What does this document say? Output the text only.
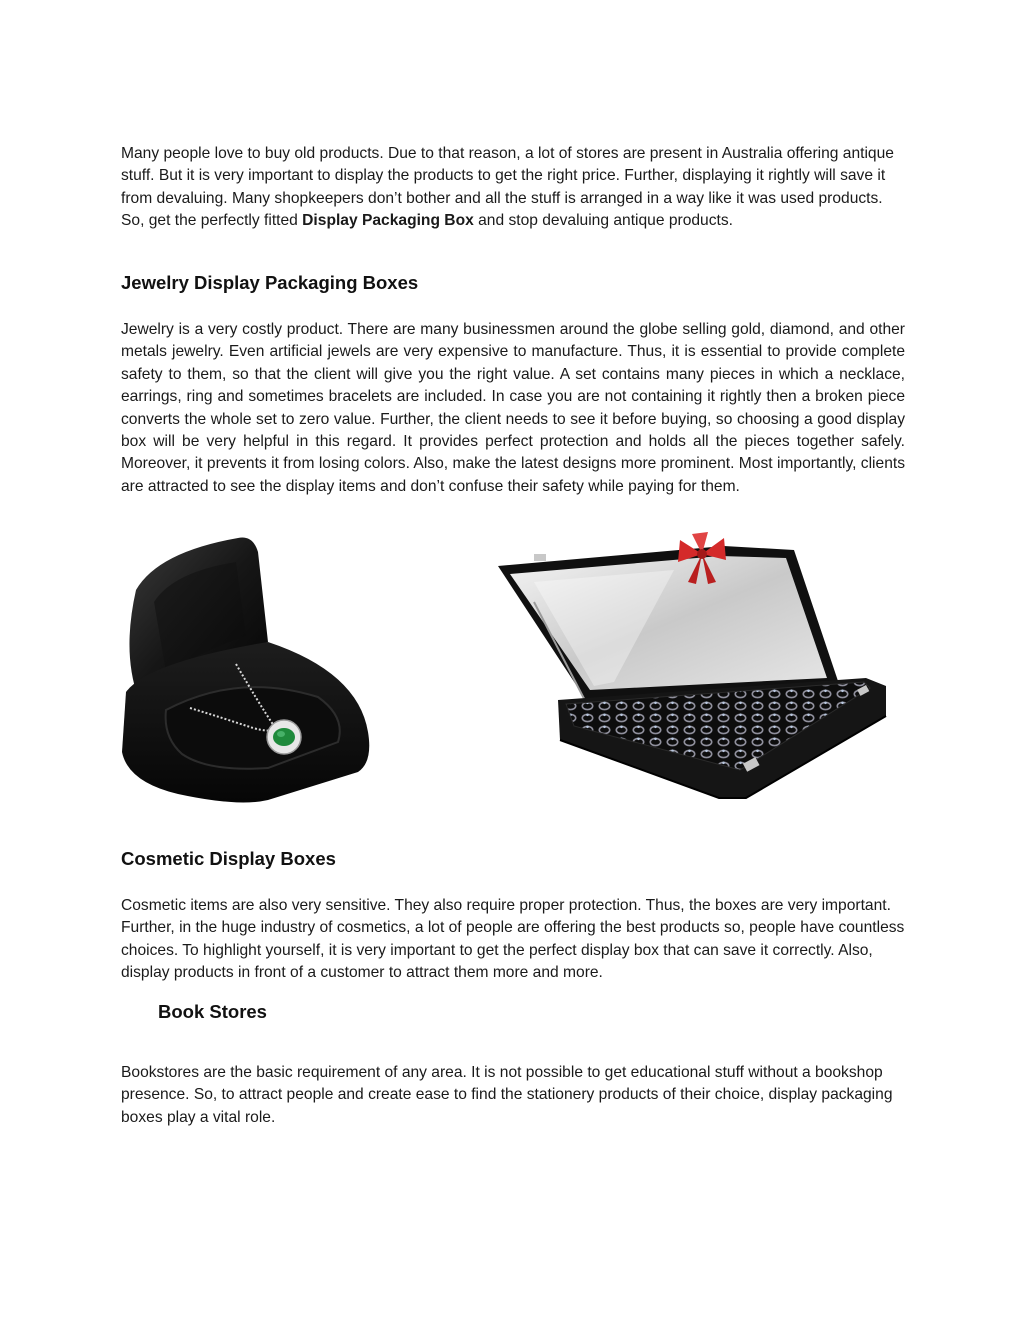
Many people love to buy old products. Due to that reason, a lot of stores are present in Australia offering antique stuff. But it is very important to display the products to get the right price. Further, displaying it rightly will save it from devaluing. Many shopkeepers don’t bother and all the stuff is arranged in a way like it was used products. So, get the perfectly fitted Display Packaging Box and stop devaluing antique products.

Jewelry Display Packaging Boxes

Jewelry is a very costly product. There are many businessmen around the globe selling gold, diamond, and other metals jewelry. Even artificial jewels are very expensive to manufacture. Thus, it is essential to provide complete safety to them, so that the client will give you the right value. A set contains many pieces in which a necklace, earrings, ring and sometimes bracelets are included. In case you are not containing it rightly then a broken piece converts the whole set to zero value. Further, the client needs to see it before buying, so choosing a good display box will be very helpful in this regard. It provides perfect protection and holds all the pieces together safely. Moreover, it prevents it from losing colors. Also, make the latest designs more prominent. Most importantly, clients are attracted to see the display items and don’t confuse their safety while paying for them.

Cosmetic Display Boxes

Cosmetic items are also very sensitive. They also require proper protection. Thus, the boxes are very important. Further, in the huge industry of cosmetics, a lot of people are offering the best products so, people have countless choices. To highlight yourself, it is very important to get the perfect display box that can save it correctly. Also, display products in front of a customer to attract them more and more.

Book Stores

Bookstores are the basic requirement of any area. It is not possible to get educational stuff without a bookshop presence. So, to attract people and create ease to find the stationery products of their choice, display packaging boxes play a vital role.
